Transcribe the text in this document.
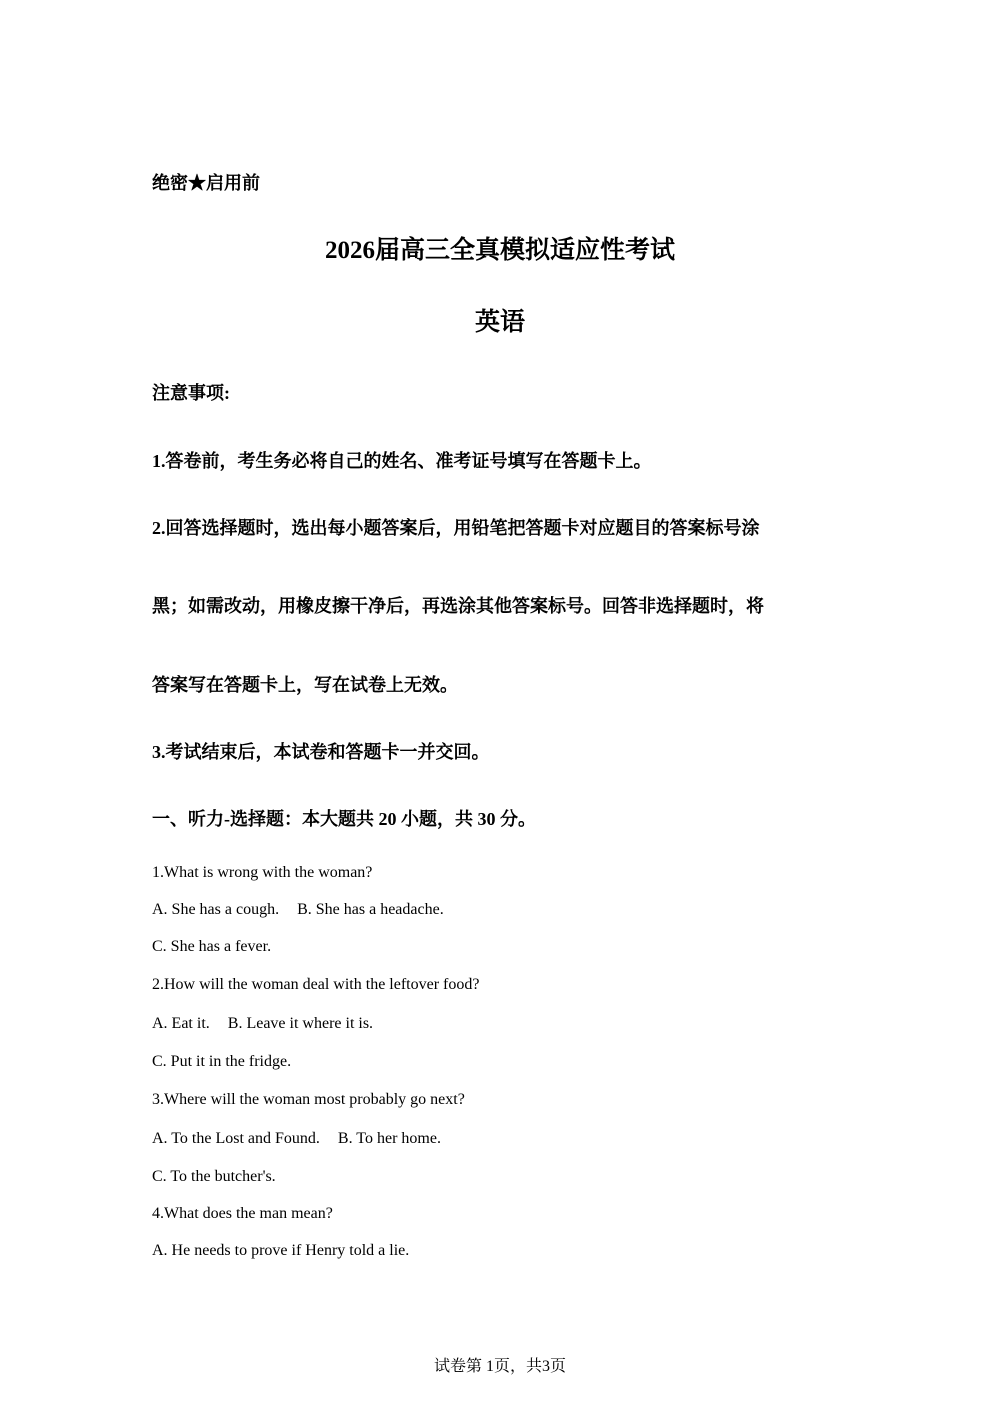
绝密★启用前
2026届高三全真模拟适应性考试
英语
注意事项:
1.答卷前，考生务必将自己的姓名、准考证号填写在答题卡上。
2.回答选择题时，选出每小题答案后，用铅笔把答题卡对应题目的答案标号涂
黑；如需改动，用橡皮擦干净后，再选涂其他答案标号。回答非选择题时，将
答案写在答题卡上，写在试卷上无效。
3.考试结束后，本试卷和答题卡一并交回。
一、听力-选择题：本大题共 20 小题，共 30 分。
1.What is wrong with the woman?
A. She has a cough. B. She has a headache.
C. She has a fever.
2.How will the woman deal with the leftover food?
A. Eat it. B. Leave it where it is.
C. Put it in the fridge.
3.Where will the woman most probably go next?
A. To the Lost and Found. B. To her home.
C. To the butcher's.
4.What does the man mean?
A. He needs to prove if Henry told a lie.
试卷第 1页，共3页
